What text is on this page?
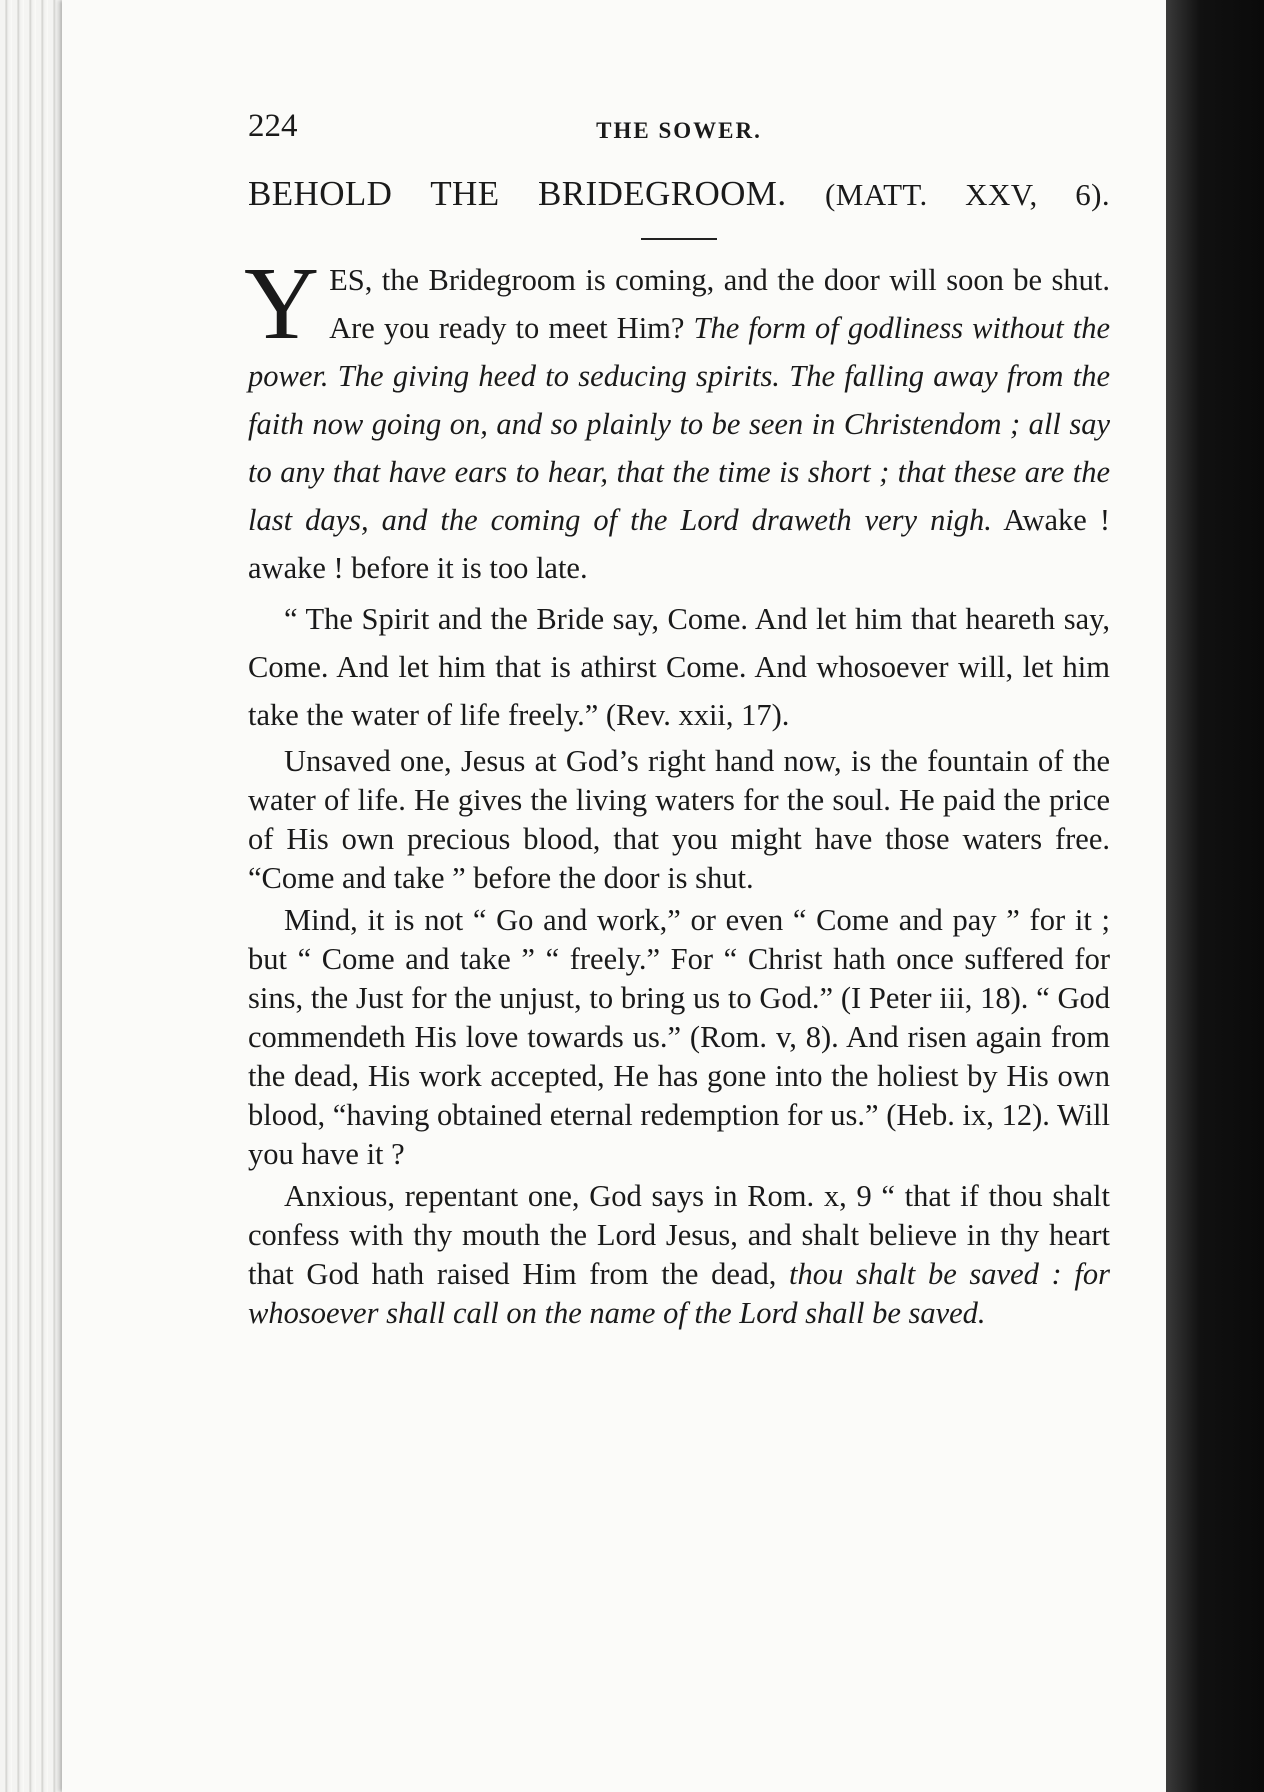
224	THE SOWER.
BEHOLD THE BRIDEGROOM. (MATT. XXV, 6).

Y ES, the Bridegroom is coming, and the door will soon be shut. Are you ready to meet Him? The form of godliness without the power. The giving heed to seducing spirits. The falling away from the faith now going on, and so plainly to be seen in Christendom ; all say to any that have ears to hear, that the time is short ; that these are the last days, and the coming of the Lord draweth very nigh. Awake ! awake ! before it is too late.

“ The Spirit and the Bride say, Come. And let him that heareth say, Come. And let him that is athirst Come. And whosoever will, let him take the water of life freely.” (Rev. xxii, 17).

Unsaved one, Jesus at God’s right hand now, is the fountain of the water of life. He gives the living waters for the soul. He paid the price of His own precious blood, that you might have those waters free. “Come and take ” before the door is shut.

Mind, it is not “ Go and work,” or even “ Come and pay ” for it ; but “ Come and take ” “ freely.” For “ Christ hath once suffered for sins, the Just for the unjust, to bring us to God.” (I Peter iii, 18). “ God commendeth His love towards us.” (Rom. v, 8). And risen again from the dead, His work accepted, He has gone into the holiest by His own blood, “having obtained eternal redemption for us.” (Heb. ix, 12). Will you have it ?

Anxious, repentant one, God says in Rom. x, 9 “ that if thou shalt confess with thy mouth the Lord Jesus, and shalt believe in thy heart that God hath raised Him from the dead, thou shalt be saved : for whosoever shall call on the name of the Lord shall be saved.
